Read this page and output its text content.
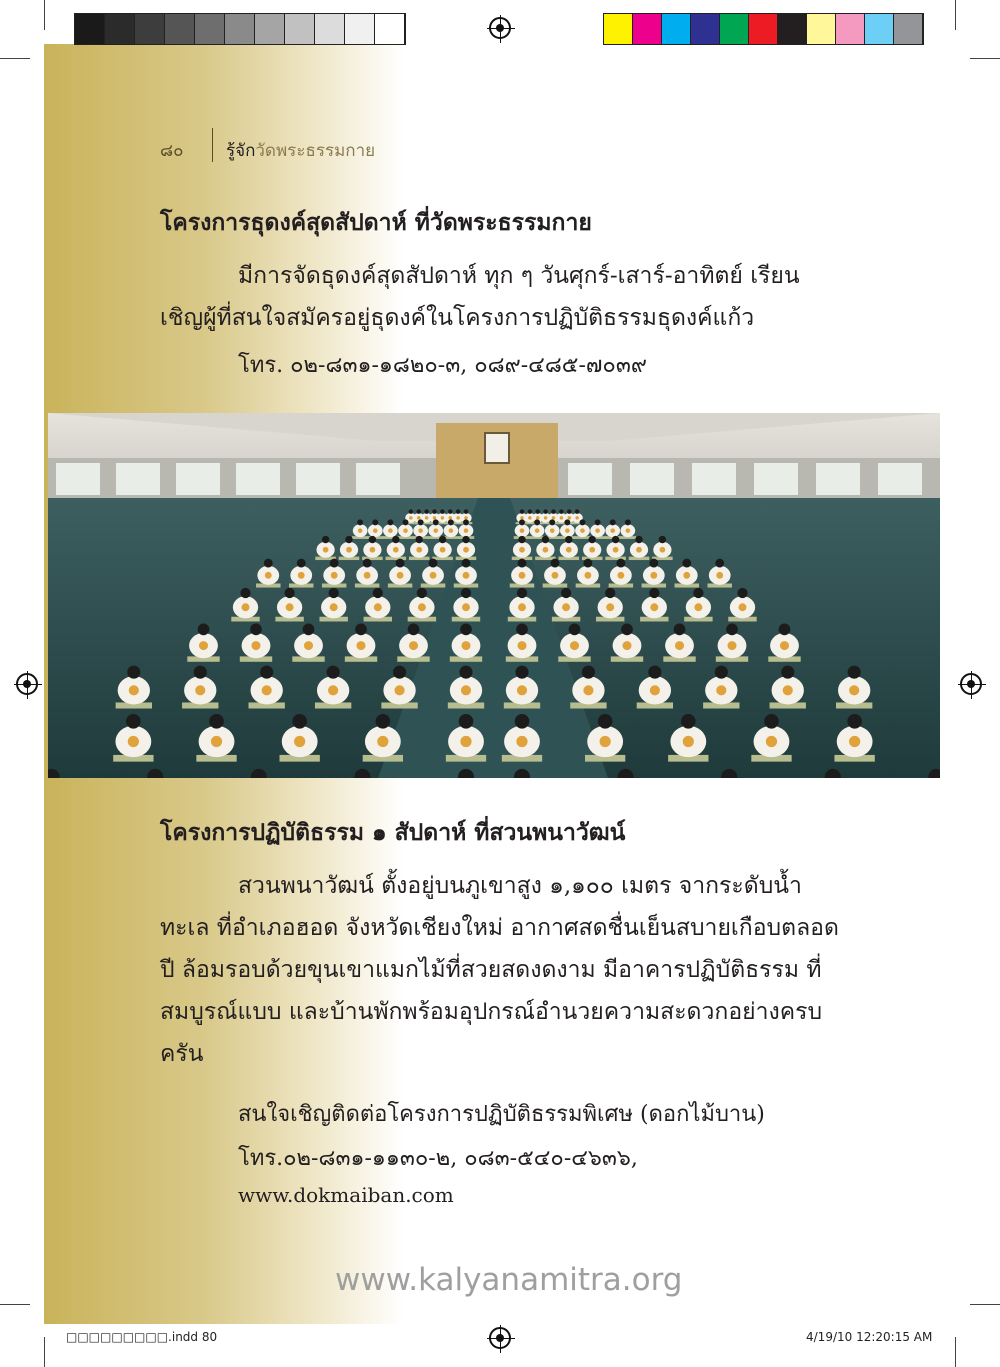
๘๐	รู้จักวัดพระธรรมกาย
โครงการธุดงค์สุดสัปดาห์ ที่วัดพระธรรมกาย
มีการจัดธุดงค์สุดสัปดาห์ ทุก ๆ วันศุกร์-เสาร์-อาทิตย์ เรียนเชิญผู้ที่สนใจสมัครอยู่ธุดงค์ในโครงการปฏิบัติธรรมธุดงค์แก้ว
โทร. ๐๒-๘๓๑-๑๘๒๐-๓, ๐๘๙-๔๘๕-๗๐๓๙
โครงการปฏิบัติธรรม ๑ สัปดาห์ ที่สวนพนาวัฒน์
สวนพนาวัฒน์ ตั้งอยู่บนภูเขาสูง ๑,๑๐๐ เมตร จากระดับน้ำทะเล ที่อำเภอฮอด จังหวัดเชียงใหม่ อากาศสดชื่นเย็นสบายเกือบตลอดปี ล้อมรอบด้วยขุนเขาแมกไม้ที่สวยสดงดงาม มีอาคารปฏิบัติธรรม ที่สมบูรณ์แบบ และบ้านพักพร้อมอุปกรณ์อำนวยความสะดวกอย่างครบครัน
สนใจเชิญติดต่อโครงการปฏิบัติธรรมพิเศษ (ดอกไม้บาน)
โทร.๐๒-๘๓๑-๑๑๓๐-๒, ๐๘๓-๕๔๐-๔๖๓๖,
www.dokmaiban.com
www.kalyanamitra.org
□□□□□□□□□.indd 80	4/19/10 12:20:15 AM
